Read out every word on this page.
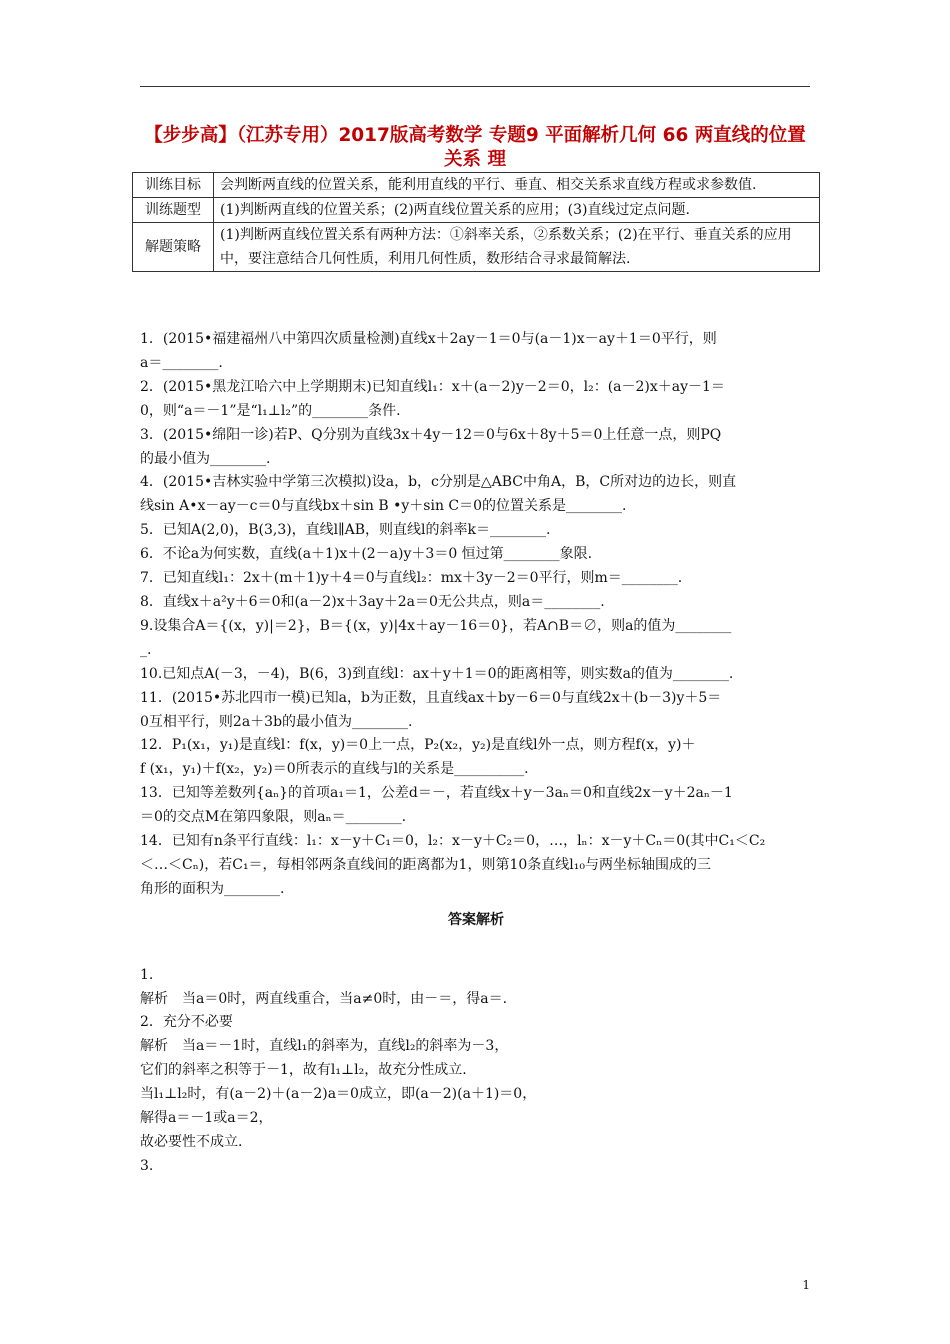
【步步高】（江苏专用）2017版高考数学 专题9 平面解析几何 66 两直线的位置关系 理
训练目标	会判断两直线的位置关系，能利用直线的平行、垂直、相交关系求直线方程或求参数值.
训练题型	(1)判断两直线的位置关系；(2)两直线位置关系的应用；(3)直线过定点问题.
解题策略	(1)判断两直线位置关系有两种方法：①斜率关系，②系数关系；(2)在平行、垂直关系的应用中，要注意结合几何性质，利用几何性质，数形结合寻求最简解法.

1．(2015•福建福州八中第四次质量检测)直线x＋2ay－1＝0与(a－1)x－ay＋1＝0平行，则

a＝________.

2．(2015•黑龙江哈六中上学期期末)已知直线l₁：x＋(a－2)y－2＝0，l₂：(a－2)x＋ay－1＝

0，则“a＝－1”是“l₁⊥l₂”的________条件.

3．(2015•绵阳一诊)若P、Q分别为直线3x＋4y－12＝0与6x＋8y＋5＝0上任意一点，则PQ

的最小值为________.

4．(2015•吉林实验中学第三次模拟)设a，b，c分别是△ABC中角A，B，C所对边的边长，则直

线sin A•x－ay－c＝0与直线bx＋sin B •y＋sin C＝0的位置关系是________.

5．已知A(2,0)，B(3,3)，直线l∥AB，则直线l的斜率k＝________.

6．不论a为何实数，直线(a＋1)x＋(2－a)y＋3＝0 恒过第________象限.

7．已知直线l₁：2x＋(m＋1)y＋4＝0与直线l₂：mx＋3y－2＝0平行，则m＝________.

8．直线x＋a²y＋6＝0和(a－2)x＋3ay＋2a＝0无公共点，则a＝________.

9.设集合A＝{(x，y)|＝2}，B＝{(x，y)|4x＋ay－16＝0}，若A∩B＝∅，则a的值为________

_.

10.已知点A(－3，－4)，B(6，3)到直线l：ax＋y＋1＝0的距离相等，则实数a的值为________.

11．(2015•苏北四市一模)已知a，b为正数，且直线ax＋by－6＝0与直线2x＋(b－3)y＋5＝

0互相平行，则2a＋3b的最小值为________.

12．P₁(x₁，y₁)是直线l：f(x，y)＝0上一点，P₂(x₂，y₂)是直线l外一点，则方程f(x，y)＋

f (x₁，y₁)＋f(x₂，y₂)＝0所表示的直线与l的关系是__________.

13．已知等差数列{aₙ}的首项a₁＝1，公差d＝－，若直线x＋y－3aₙ＝0和直线2x－y＋2aₙ－1

＝0的交点M在第四象限，则aₙ＝________.

14．已知有n条平行直线：l₁：x－y＋C₁＝0，l₂：x－y＋C₂＝0，…，lₙ：x－y＋Cₙ＝0(其中C₁＜C₂

＜…＜Cₙ)，若C₁＝，每相邻两条直线间的距离都为1，则第10条直线l₁₀与两坐标轴围成的三

角形的面积为________.

答案解析

1.

解析　当a＝0时，两直线重合，当a≠0时，由－＝，得a＝.

2．充分不必要

解析　当a＝－1时，直线l₁的斜率为，直线l₂的斜率为－3，

它们的斜率之积等于－1，故有l₁⊥l₂，故充分性成立.

当l₁⊥l₂时，有(a－2)＋(a－2)a＝0成立，即(a－2)(a＋1)＝0，

解得a＝－1或a＝2，

故必要性不成立.

3.

1
